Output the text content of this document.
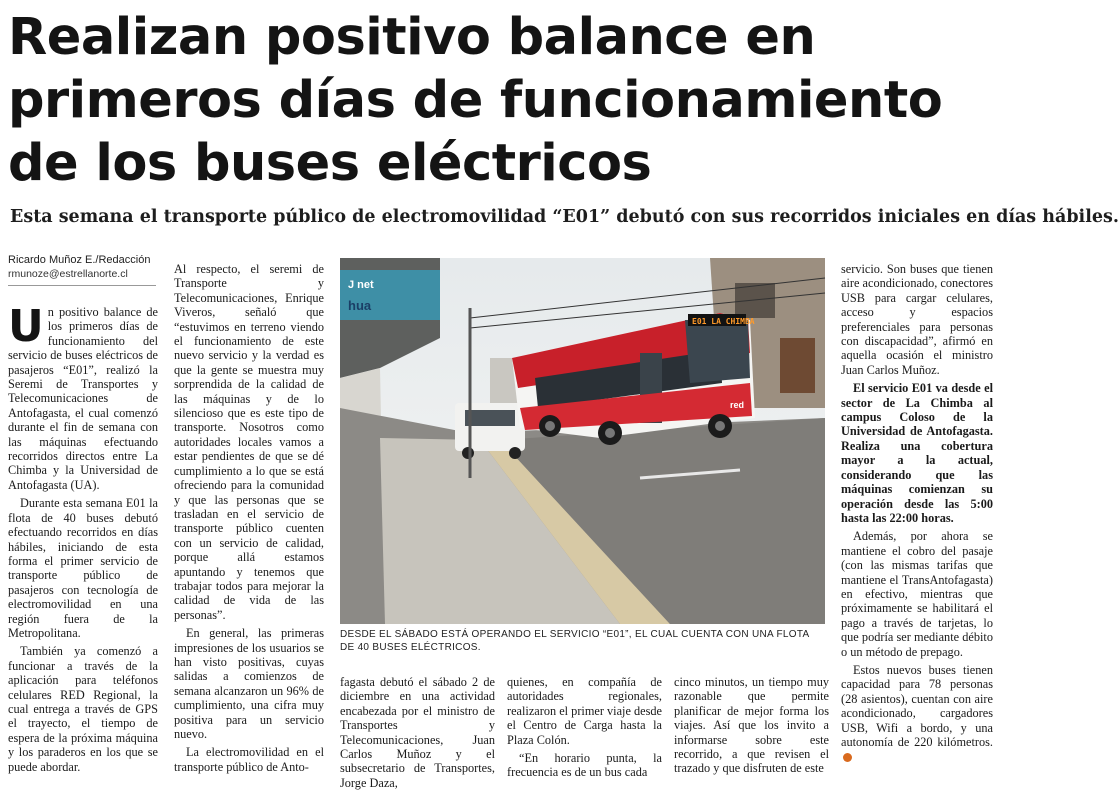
Realizan positivo balance en
primeros días de funcionamiento
de los buses eléctricos
Esta semana el transporte público de electromovilidad “E01” debutó con sus recorridos iniciales en días hábiles.
Ricardo Muñoz E./Redacción
rmunoze@estrellanorte.cl

Un positivo balance de los primeros días de funcionamiento del servicio de buses eléctricos de pasajeros “E01”, realizó la Seremi de Transportes y Telecomunicaciones de Antofagasta, el cual comenzó durante el fin de semana con las máquinas efectuando recorridos directos entre La Chimba y la Universidad de Antofagasta (UA).

Durante esta semana E01 la flota de 40 buses debutó efectuando recorridos en días hábiles, iniciando de esta forma el primer servicio de transporte público de pasajeros con tecnología de electromovilidad en una región fuera de la Metropolitana.

También ya comenzó a funcionar a través de la aplicación para teléfonos celulares RED Regional, la cual entrega a través de GPS el trayecto, el tiempo de espera de la próxima máquina y los paraderos en los que se puede abordar.

Al respecto, el seremi de Transporte y Telecomunicaciones, Enrique Viveros, señaló que “estuvimos en terreno viendo el funcionamiento de este nuevo servicio y la verdad es que la gente se muestra muy sorprendida de la calidad de las máquinas y de lo silencioso que es este tipo de transporte. Nosotros como autoridades locales vamos a estar pendientes de que se dé cumplimiento a lo que se está ofreciendo para la comunidad y que las personas que se trasladan en el servicio de transporte público cuenten con un servicio de calidad, porque allá estamos apuntando y tenemos que trabajar todos para mejorar la calidad de vida de las personas”.

En general, las primeras impresiones de los usuarios se han visto positivas, cuyas salidas a comienzos de semana alcanzaron un 96% de cumplimiento, una cifra muy positiva para un servicio nuevo.

La electromovilidad en el transporte público de Anto-

J net
hua
E01 LA CHIMBA
red
DESDE EL SÁBADO ESTÁ OPERANDO EL SERVICIO “E01”, EL CUAL CUENTA CON UNA FLOTA DE 40 BUSES ELÉCTRICOS.

fagasta debutó el sábado 2 de diciembre en una actividad encabezada por el ministro de Transportes y Telecomunicaciones, Juan Carlos Muñoz y el subsecretario de Transportes, Jorge Daza,

quienes, en compañía de autoridades regionales, realizaron el primer viaje desde el Centro de Carga hasta la Plaza Colón.

“En horario punta, la frecuencia es de un bus cada

cinco minutos, un tiempo muy razonable que permite planificar de mejor forma los viajes. Así que los invito a informarse sobre este recorrido, a que revisen el trazado y que disfruten de este

servicio. Son buses que tienen aire acondicionado, conectores USB para cargar celulares, acceso y espacios preferenciales para personas con discapacidad”, afirmó en aquella ocasión el ministro Juan Carlos Muñoz.

El servicio E01 va desde el sector de La Chimba al campus Coloso de la Universidad de Antofagasta. Realiza una cobertura mayor a la actual, considerando que las máquinas comienzan su operación desde las 5:00 hasta las 22:00 horas.

Además, por ahora se mantiene el cobro del pasaje (con las mismas tarifas que mantiene el TransAntofagasta) en efectivo, mientras que próximamente se habilitará el pago a través de tarjetas, lo que podría ser mediante débito o un método de prepago.

Estos nuevos buses tienen capacidad para 78 personas (28 asientos), cuentan con aire acondicionado, cargadores USB, Wifi a bordo, y una autonomía de 220 kilómetros.
